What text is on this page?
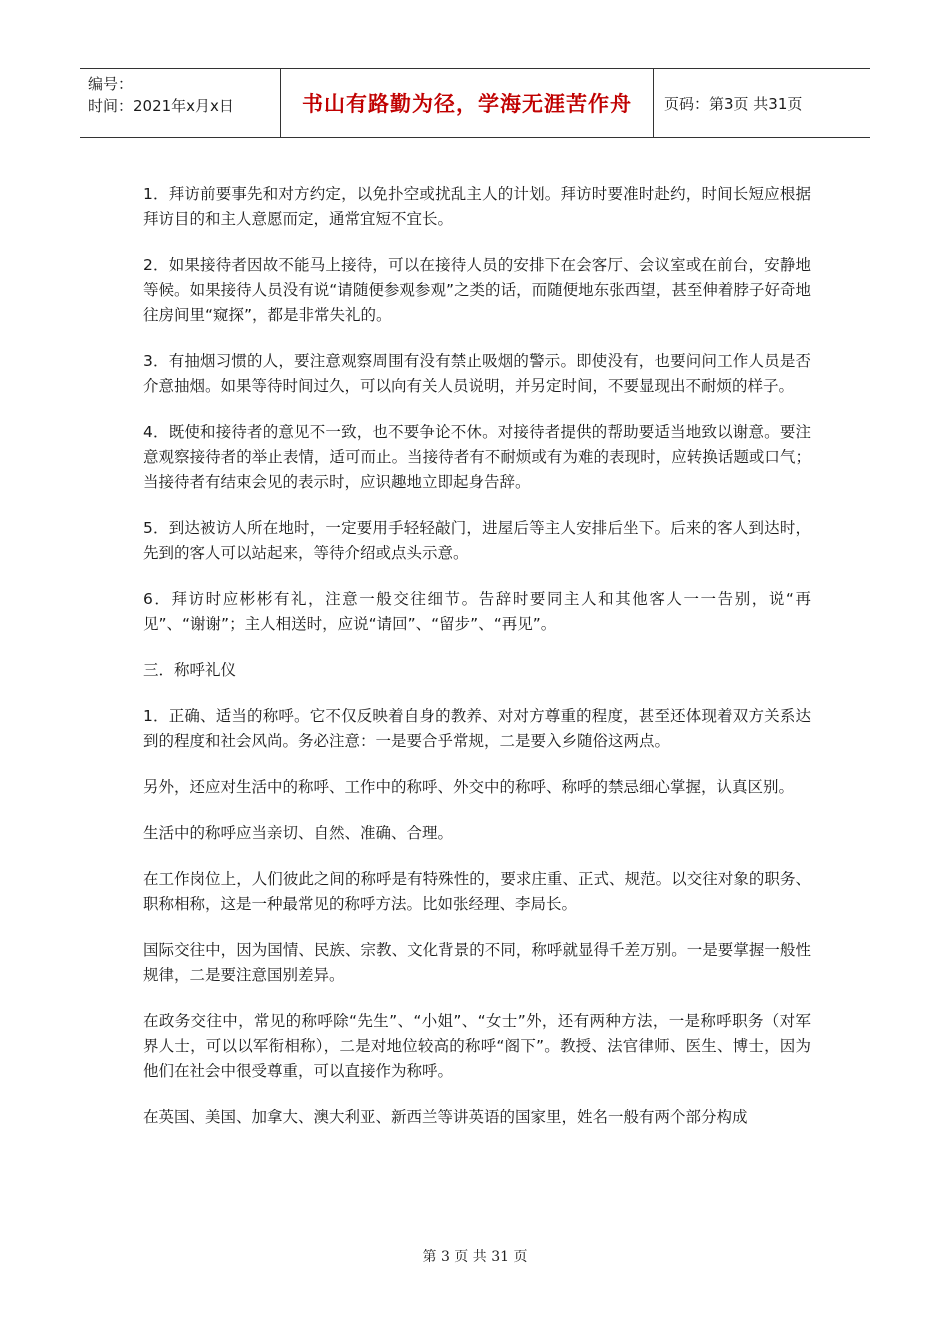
编号：
时间：2021年x月x日	书山有路勤为径，学海无涯苦作舟	页码：第3页 共31页

1．拜访前要事先和对方约定，以免扑空或扰乱主人的计划。拜访时要准时赴约，时间长短应根据拜访目的和主人意愿而定，通常宜短不宜长。

2．如果接待者因故不能马上接待，可以在接待人员的安排下在会客厅、会议室或在前台，安静地等候。如果接待人员没有说“请随便参观参观”之类的话，而随便地东张西望，甚至伸着脖子好奇地往房间里“窥探”，都是非常失礼的。

3．有抽烟习惯的人，要注意观察周围有没有禁止吸烟的警示。即使没有，也要问问工作人员是否介意抽烟。如果等待时间过久，可以向有关人员说明，并另定时间，不要显现出不耐烦的样子。

4．既使和接待者的意见不一致，也不要争论不休。对接待者提供的帮助要适当地致以谢意。要注意观察接待者的举止表情，适可而止。当接待者有不耐烦或有为难的表现时，应转换话题或口气；当接待者有结束会见的表示时，应识趣地立即起身告辞。

5．到达被访人所在地时，一定要用手轻轻敲门，进屋后等主人安排后坐下。后来的客人到达时，先到的客人可以站起来，等待介绍或点头示意。

6．拜访时应彬彬有礼，注意一般交往细节。告辞时要同主人和其他客人一一告别，说“再见”、“谢谢”；主人相送时，应说“请回”、“留步”、“再见”。

三．称呼礼仪

1．正确、适当的称呼。它不仅反映着自身的教养、对对方尊重的程度，甚至还体现着双方关系达到的程度和社会风尚。务必注意：一是要合乎常规，二是要入乡随俗这两点。

另外，还应对生活中的称呼、工作中的称呼、外交中的称呼、称呼的禁忌细心掌握，认真区别。

生活中的称呼应当亲切、自然、准确、合理。

在工作岗位上，人们彼此之间的称呼是有特殊性的，要求庄重、正式、规范。以交往对象的职务、职称相称，这是一种最常见的称呼方法。比如张经理、李局长。

国际交往中，因为国情、民族、宗教、文化背景的不同，称呼就显得千差万别。一是要掌握一般性规律，二是要注意国别差异。

在政务交往中，常见的称呼除“先生”、“小姐”、“女士”外，还有两种方法，一是称呼职务（对军界人士，可以以军衔相称），二是对地位较高的称呼“阁下”。教授、法官律师、医生、博士，因为他们在社会中很受尊重，可以直接作为称呼。

在英国、美国、加拿大、澳大利亚、新西兰等讲英语的国家里，姓名一般有两个部分构成

第 3 页 共 31 页
